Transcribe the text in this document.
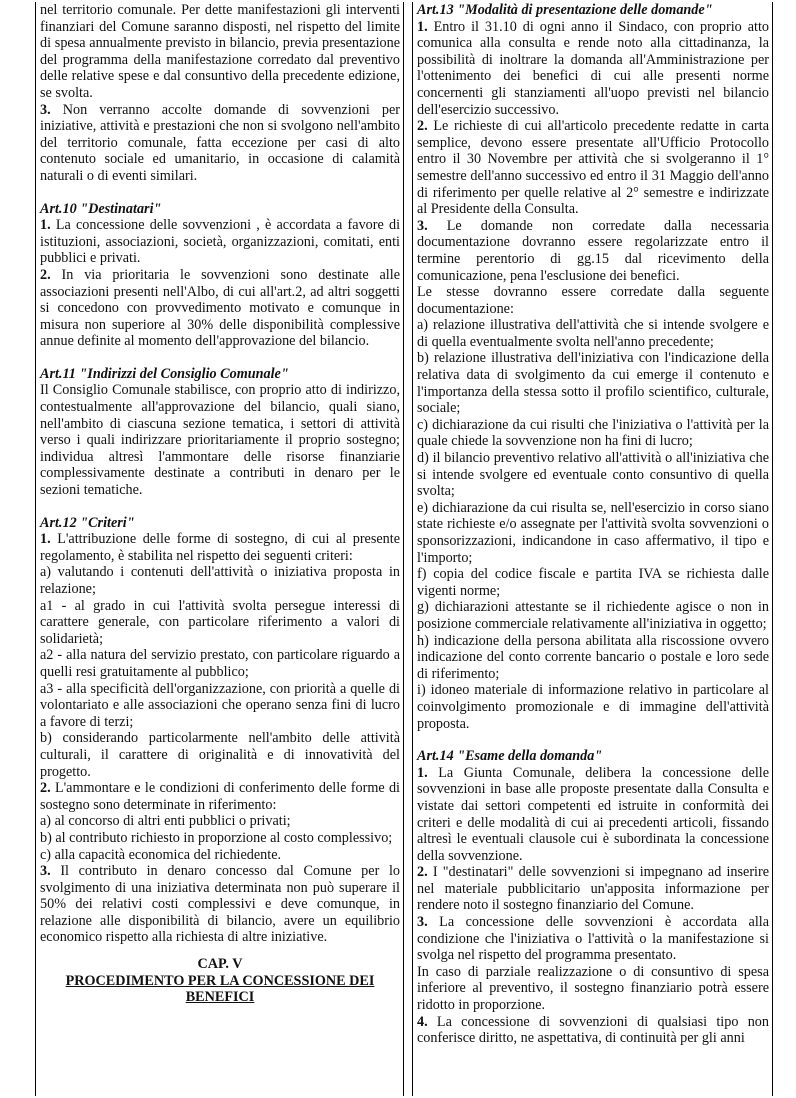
nel territorio comunale. Per dette manifestazioni gli interventi finanziari del Comune saranno disposti, nel rispetto del limite di spesa annualmente previsto in bilancio, previa presentazione del programma della manifestazione corredato dal preventivo delle relative spese e dal consuntivo della precedente edizione, se svolta.

3. Non verranno accolte domande di sovvenzioni per iniziative, attività e prestazioni che non si svolgono nell'ambito del territorio comunale, fatta eccezione per casi di alto contenuto sociale ed umanitario, in occasione di calamità naturali o di eventi similari.

Art.10 "Destinatari"

1. La concessione delle sovvenzioni , è accordata a favore di istituzioni, associazioni, società, organizzazioni, comitati, enti pubblici e privati.

2. In via prioritaria le sovvenzioni sono destinate alle associazioni presenti nell'Albo, di cui all'art.2, ad altri soggetti si concedono con provvedimento motivato e comunque in misura non superiore al 30% delle disponibilità complessive annue definite al momento dell'approvazione del bilancio.

Art.11 "Indirizzi del Consiglio Comunale"

Il Consiglio Comunale stabilisce, con proprio atto di indirizzo, contestualmente all'approvazione del bilancio, quali siano, nell'ambito di ciascuna sezione tematica, i settori di attività verso i quali indirizzare prioritariamente il proprio sostegno; individua altresì l'ammontare delle risorse finanziarie complessivamente destinate a contributi in denaro per le sezioni tematiche.

Art.12 "Criteri"

1. L'attribuzione delle forme di sostegno, di cui al presente regolamento, è stabilita nel rispetto dei seguenti criteri:

a) valutando i contenuti dell'attività o iniziativa proposta in relazione;

a1 - al grado in cui l'attività svolta persegue interessi di carattere generale, con particolare riferimento a valori di solidarietà;

a2 - alla natura del servizio prestato, con particolare riguardo a quelli resi gratuitamente al pubblico;

a3 - alla specificità dell'organizzazione, con priorità a quelle di volontariato e alle associazioni che operano senza fini di lucro a favore di terzi;

b) considerando particolarmente nell'ambito delle attività culturali, il carattere di originalità e di innovatività del progetto.

2. L'ammontare e le condizioni di conferimento delle forme di sostegno sono determinate in riferimento:

a) al concorso di altri enti pubblici o privati;

b) al contributo richiesto in proporzione al costo complessivo;

c) alla capacità economica del richiedente.

3. Il contributo in denaro concesso dal Comune per lo svolgimento di una iniziativa determinata non può superare il 50% dei relativi costi complessivi e deve comunque, in relazione alle disponibilità di bilancio, avere un equilibrio economico rispetto alla richiesta di altre iniziative.

CAP. V
PROCEDIMENTO PER LA CONCESSIONE DEI
BENEFICI

Art.13 "Modalità di presentazione delle domande"

1. Entro il 31.10 di ogni anno il Sindaco, con proprio atto comunica alla consulta e rende noto alla cittadinanza, la possibilità di inoltrare la domanda all'Amministrazione per l'ottenimento dei benefici di cui alle presenti norme concernenti gli stanziamenti all'uopo previsti nel bilancio dell'esercizio successivo.

2. Le richieste di cui all'articolo precedente redatte in carta semplice, devono essere presentate all'Ufficio Protocollo entro il 30 Novembre per attività che si svolgeranno il 1° semestre dell'anno successivo ed entro il 31 Maggio dell'anno di riferimento per quelle relative al 2° semestre e indirizzate al Presidente della Consulta.

3. Le domande non corredate dalla necessaria documentazione dovranno essere regolarizzate entro il termine perentorio di gg.15 dal ricevimento della comunicazione, pena l'esclusione dei benefici.

Le stesse dovranno essere corredate dalla seguente documentazione:

a) relazione illustrativa dell'attività che si intende svolgere e di quella eventualmente svolta nell'anno precedente;

b) relazione illustrativa dell'iniziativa con l'indicazione della relativa data di svolgimento da cui emerge il contenuto e l'importanza della stessa sotto il profilo scientifico, culturale, sociale;

c) dichiarazione da cui risulti che l'iniziativa o l'attività per la quale chiede la sovvenzione non ha fini di lucro;

d) il bilancio preventivo relativo all'attività o all'iniziativa che si intende svolgere ed eventuale conto consuntivo di quella svolta;

e) dichiarazione da cui risulta se, nell'esercizio in corso siano state richieste e/o assegnate per l'attività svolta sovvenzioni o sponsorizzazioni, indicandone in caso affermativo, il tipo e l'importo;

f) copia del codice fiscale e partita IVA se richiesta dalle vigenti norme;

g) dichiarazioni attestante se il richiedente agisce o non in posizione commerciale relativamente all'iniziativa in oggetto;

h) indicazione della persona abilitata alla riscossione ovvero indicazione del conto corrente bancario o postale e loro sede di riferimento;

i) idoneo materiale di informazione relativo in particolare al coinvolgimento promozionale e di immagine dell'attività proposta.

Art.14 "Esame della domanda"

1. La Giunta Comunale, delibera la concessione delle sovvenzioni in base alle proposte presentate dalla Consulta e vistate dai settori competenti ed istruite in conformità dei criteri e delle modalità di cui ai precedenti articoli, fissando altresì le eventuali clausole cui è subordinata la concessione della sovvenzione.

2. I "destinatari" delle sovvenzioni si impegnano ad inserire nel materiale pubblicitario un'apposita informazione per rendere noto il sostegno finanziario del Comune.

3. La concessione delle sovvenzioni è accordata alla condizione che l'iniziativa o l'attività o la manifestazione si svolga nel rispetto del programma presentato.

In caso di parziale realizzazione o di consuntivo di spesa inferiore al preventivo, il sostegno finanziario potrà essere ridotto in proporzione.

4. La concessione di sovvenzioni di qualsiasi tipo non conferisce diritto, ne aspettativa, di continuità per gli anni
